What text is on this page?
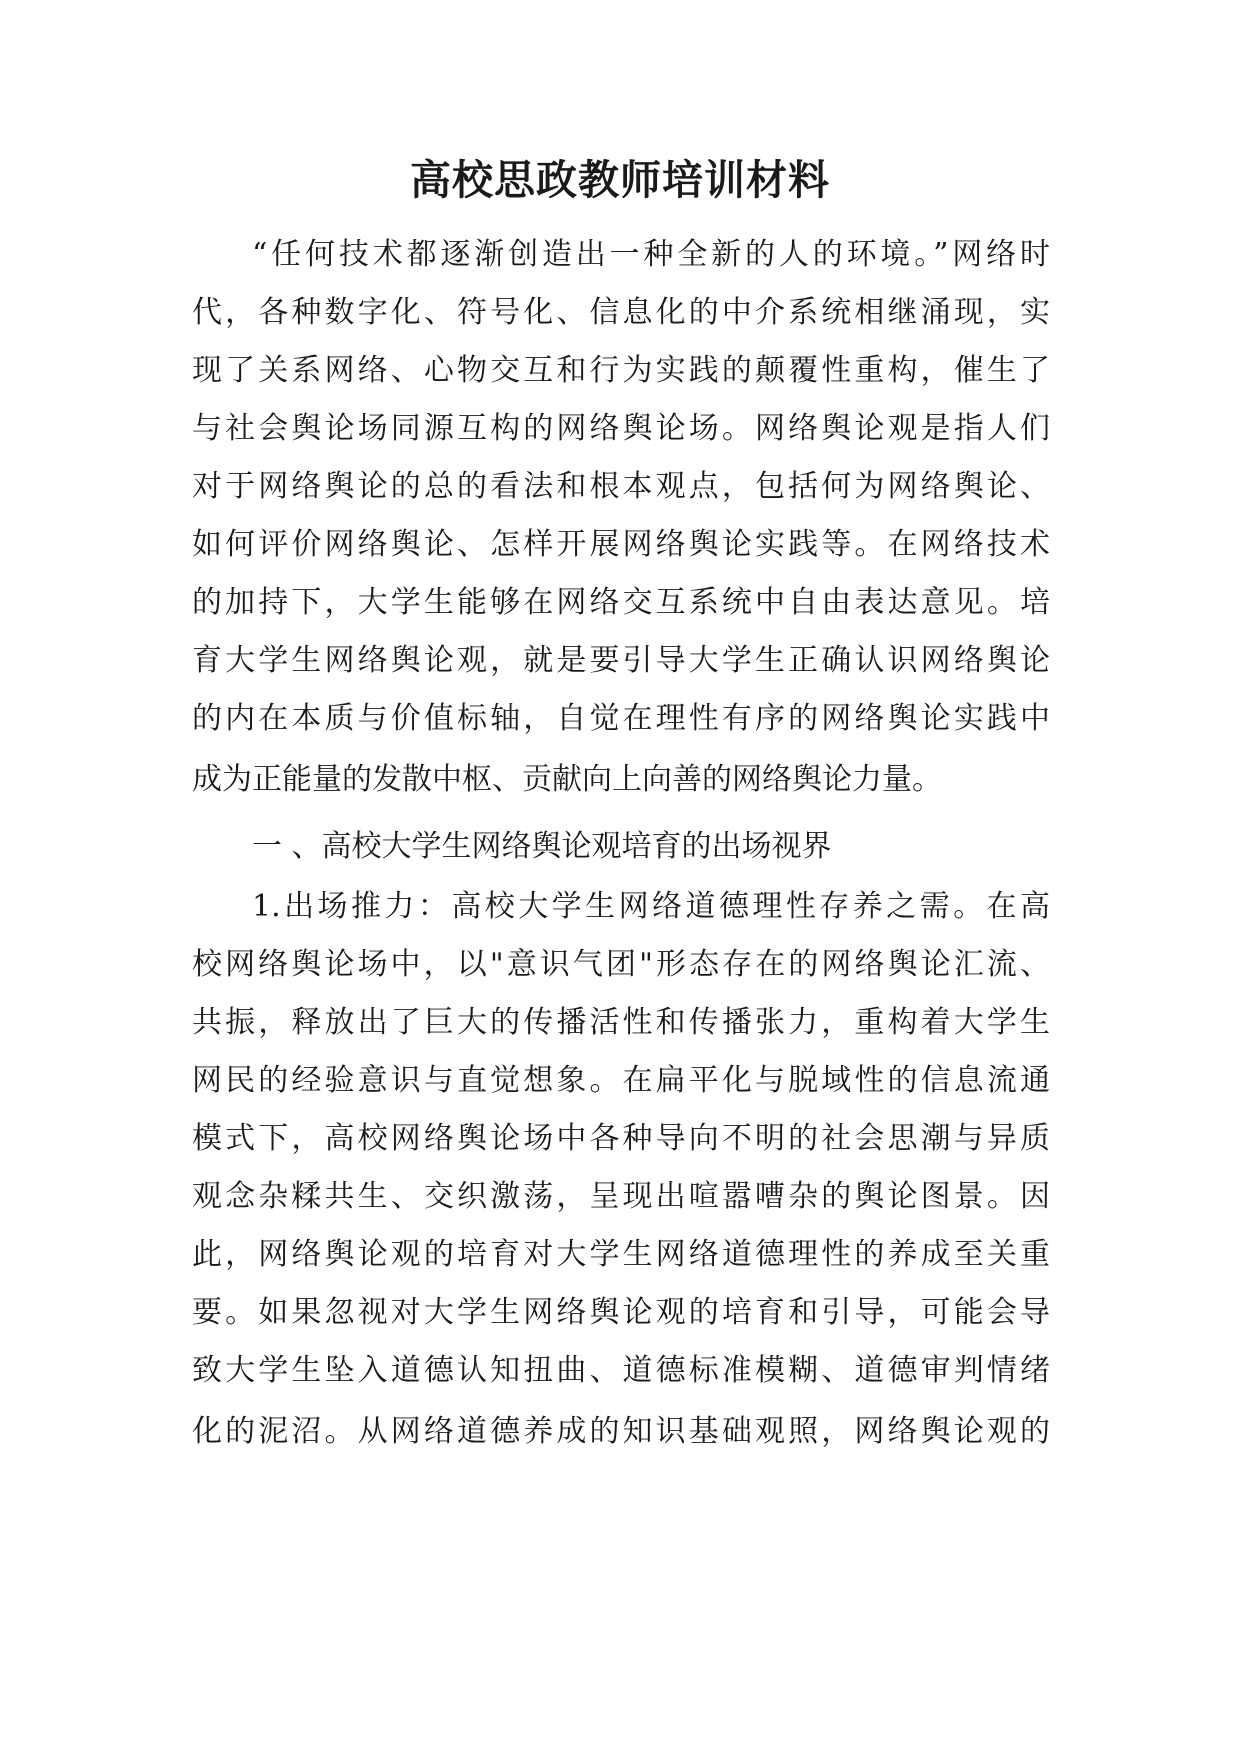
高校思政教师培训材料
“任何技术都逐渐创造出一种全新的人的环境。”网络时
代，各种数字化、符号化、信息化的中介系统相继涌现，实
现了关系网络、心物交互和行为实践的颠覆性重构，催生了
与社会舆论场同源互构的网络舆论场。网络舆论观是指人们
对于网络舆论的总的看法和根本观点，包括何为网络舆论、
如何评价网络舆论、怎样开展网络舆论实践等。在网络技术
的加持下，大学生能够在网络交互系统中自由表达意见。培
育大学生网络舆论观，就是要引导大学生正确认识网络舆论
的内在本质与价值标轴，自觉在理性有序的网络舆论实践中
成为正能量的发散中枢、贡献向上向善的网络舆论力量。
一 、高校大学生网络舆论观培育的出场视界
1.出场推力：高校大学生网络道德理性存养之需。在高
校网络舆论场中，以"意识气团"形态存在的网络舆论汇流、
共振，释放出了巨大的传播活性和传播张力，重构着大学生
网民的经验意识与直觉想象。在扁平化与脱域性的信息流通
模式下，高校网络舆论场中各种导向不明的社会思潮与异质
观念杂糅共生、交织激荡，呈现出喧嚣嘈杂的舆论图景。因
此，网络舆论观的培育对大学生网络道德理性的养成至关重
要。如果忽视对大学生网络舆论观的培育和引导，可能会导
致大学生坠入道德认知扭曲、道德标准模糊、道德审判情绪
化的泥沼。从网络道德养成的知识基础观照，网络舆论观的
